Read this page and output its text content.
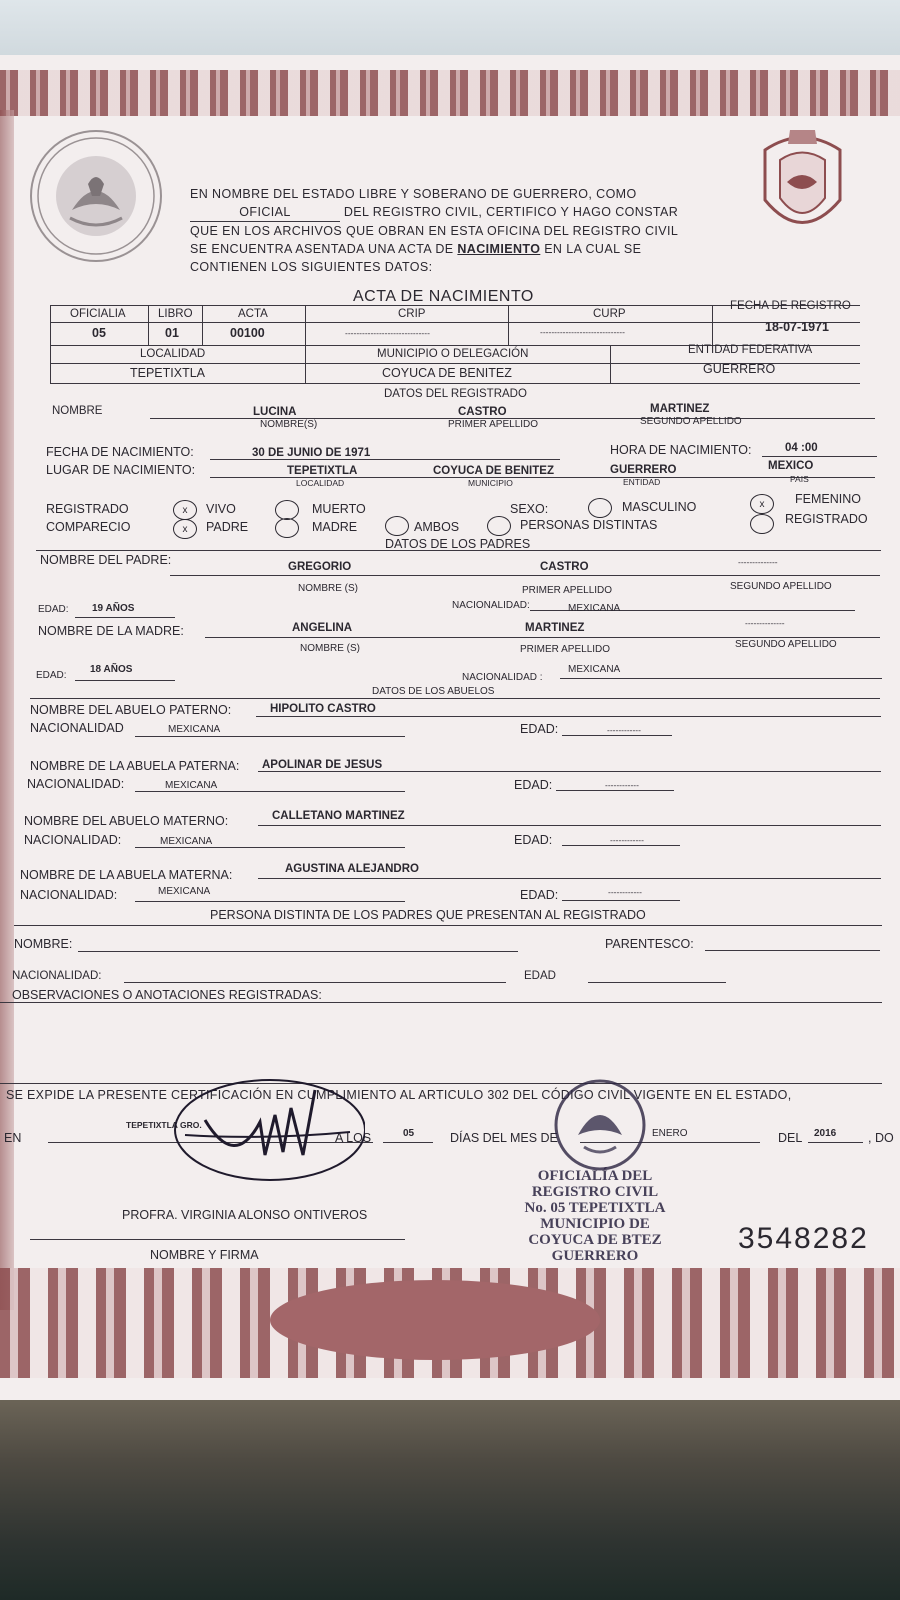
EN NOMBRE DEL ESTADO LIBRE Y SOBERANO DE GUERRERO, COMO
OFICIAL	DEL REGISTRO CIVIL, CERTIFICO Y HAGO CONSTAR
QUE EN LOS ARCHIVOS QUE OBRAN EN ESTA OFICINA DEL REGISTRO CIVIL
SE ENCUENTRA ASENTADA UNA ACTA DE NACIMIENTO EN LA CUAL SE
CONTIENEN LOS SIGUIENTES DATOS:
ACTA DE NACIMIENTO
OFICIALIA	LIBRO	ACTA	CRIP	CURP
FECHA DE REGISTRO
05	01	00100	------------------------------	------------------------------	18-07-1971
LOCALIDAD	MUNICIPIO O DELEGACIÓN	ENTIDAD FEDERATIVA
TEPETIXTLA	COYUCA DE BENITEZ	GUERRERO
DATOS DEL REGISTRADO
NOMBRE	LUCINA	CASTRO	MARTINEZ
NOMBRE(S)	PRIMER APELLIDO	SEGUNDO APELLIDO
FECHA DE NACIMIENTO:	30 DE JUNIO DE 1971	HORA DE NACIMIENTO:	04 :00
LUGAR DE NACIMIENTO:	TEPETIXTLA	COYUCA DE BENITEZ	GUERRERO	MEXICO
LOCALIDAD	MUNICIPIO	ENTIDAD	PAIS
REGISTRADO	x VIVO	MUERTO	SEXO:	MASCULINO	x FEMENINO
COMPARECIO	x PADRE	MADRE	AMBOS	PERSONAS DISTINTAS	REGISTRADO
DATOS DE LOS PADRES
NOMBRE DEL PADRE:	GREGORIO	CASTRO	--------------
NOMBRE (S)	PRIMER APELLIDO	SEGUNDO APELLIDO
EDAD: 19 AÑOS	NACIONALIDAD:	MEXICANA
NOMBRE DE LA MADRE:	ANGELINA	MARTINEZ	--------------
NOMBRE (S)	PRIMER APELLIDO	SEGUNDO APELLIDO
EDAD:
18 AÑOS
NACIONALIDAD :
MEXICANA
DATOS DE LOS ABUELOS
NOMBRE DEL ABUELO PATERNO:	HIPOLITO CASTRO
NACIONALIDAD	MEXICANA	EDAD:	------------
NOMBRE DE LA ABUELA PATERNA: APOLINAR DE JESUS
NACIONALIDAD:	MEXICANA	EDAD:	------------
NOMBRE DEL ABUELO MATERNO:	CALLETANO MARTINEZ
NACIONALIDAD:	MEXICANA	EDAD:	------------
NOMBRE DE LA ABUELA MATERNA:	AGUSTINA ALEJANDRO
NACIONALIDAD:	MEXICANA	EDAD:	------------
PERSONA DISTINTA DE LOS PADRES QUE PRESENTAN AL REGISTRADO
NOMBRE:	PARENTESCO:
NACIONALIDAD:	EDAD
OBSERVACIONES O ANOTACIONES REGISTRADAS:
SE EXPIDE LA PRESENTE CERTIFICACIÓN EN CUMPLIMIENTO AL ARTICULO 302 DEL CÓDIGO CIVIL VIGENTE EN EL ESTADO,
EN
TEPETIXTLA GRO.
A LOS	05	DÍAS DEL MES DE	ENERO	DEL 2016	, DO
PROFRA. VIRGINIA ALONSO ONTIVEROS
NOMBRE Y FIRMA
OFICIALÍA DEL REGISTRO CIVIL No. 05 TEPETIXTLA MUNICIPIO DE COYUCA DE BTEZ GUERRERO
3548282
